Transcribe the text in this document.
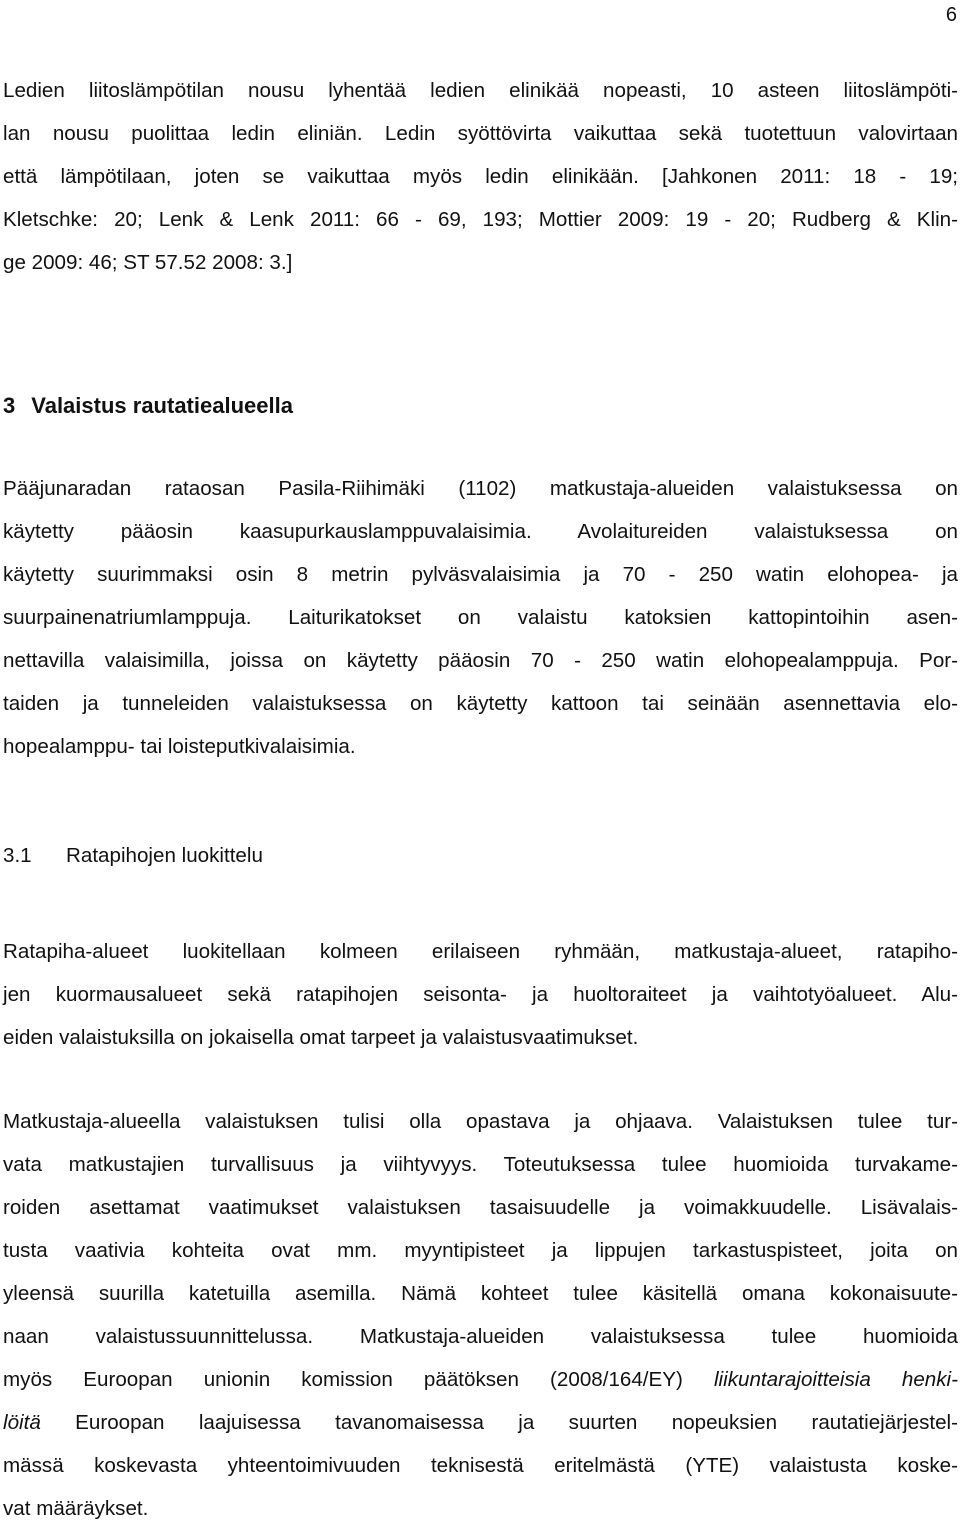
6
Ledien liitoslämpötilan nousu lyhentää ledien elinikää nopeasti, 10 asteen liitoslämpöti-
lan nousu puolittaa ledin eliniän. Ledin syöttövirta vaikuttaa sekä tuotettuun valovirtaan
että lämpötilaan, joten se vaikuttaa myös ledin elinikään. [Jahkonen 2011: 18 - 19;
Kletschke: 20; Lenk & Lenk 2011: 66 - 69, 193; Mottier 2009: 19 - 20; Rudberg & Klin-
ge 2009: 46; ST 57.52 2008: 3.]
3 Valaistus rautatiealueella
Pääjunaradan rataosan Pasila-Riihimäki (1102) matkustaja-alueiden valaistuksessa on
käytetty pääosin kaasupurkauslamppuvalaisimia. Avolaitureiden valaistuksessa on
käytetty suurimmaksi osin 8 metrin pylväsvalaisimia ja 70 - 250 watin elohopea- ja
suurpainenatriumlamppuja. Laiturikatokset on valaistu katoksien kattopintoihin asen-
nettavilla valaisimilla, joissa on käytetty pääosin 70 - 250 watin elohopealamppuja. Por-
taiden ja tunneleiden valaistuksessa on käytetty kattoon tai seinään asennettavia elo-
hopealamppu- tai loisteputkivalaisimia.
3.1 Ratapihojen luokittelu
Ratapiha-alueet luokitellaan kolmeen erilaiseen ryhmään, matkustaja-alueet, ratapiho-
jen kuormausalueet sekä ratapihojen seisonta- ja huoltoraiteet ja vaihtotyöalueet. Alu-
eiden valaistuksilla on jokaisella omat tarpeet ja valaistusvaatimukset.
Matkustaja-alueella valaistuksen tulisi olla opastava ja ohjaava. Valaistuksen tulee tur-
vata matkustajien turvallisuus ja viihtyvyys. Toteutuksessa tulee huomioida turvakame-
roiden asettamat vaatimukset valaistuksen tasaisuudelle ja voimakkuudelle. Lisävalais-
tusta vaativia kohteita ovat mm. myyntipisteet ja lippujen tarkastuspisteet, joita on
yleensä suurilla katetuilla asemilla. Nämä kohteet tulee käsitellä omana kokonaisuute-
naan valaistussuunnittelussa. Matkustaja-alueiden valaistuksessa tulee huomioida
myös Euroopan unionin komission päätöksen (2008/164/EY) liikuntarajoitteisia henki-
löitä Euroopan laajuisessa tavanomaisessa ja suurten nopeuksien rautatiejärjestel-
mässä koskevasta yhteentoimivuuden teknisestä eritelmästä (YTE) valaistusta koske-
vat määräykset.
